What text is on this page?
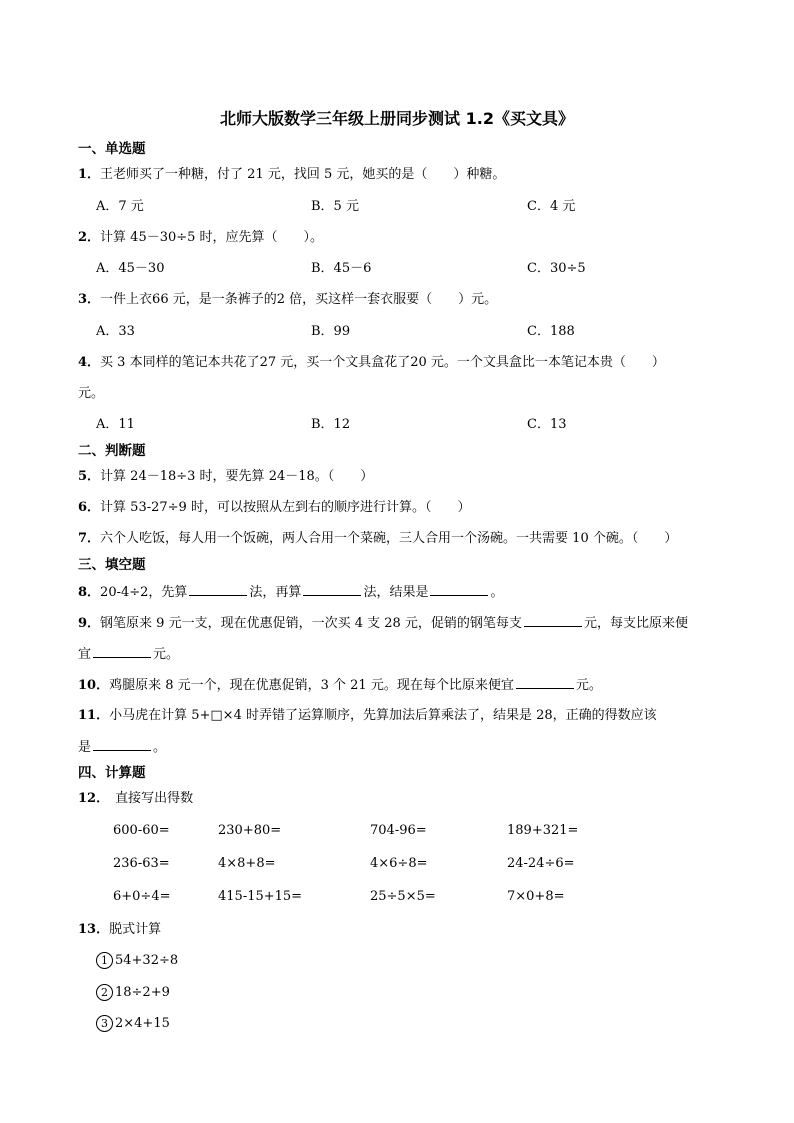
北师大版数学三年级上册同步测试 1.2《买文具》
一、单选题
1．王老师买了一种糖，付了 21 元，找回 5 元，她买的是（　　）种糖。
A．7 元	B．5 元	C．4 元
2．计算 45－30÷5 时，应先算（　　）。
A．45－30	B．45－6	C．30÷5
3．一件上衣66 元，是一条裤子的2 倍，买这样一套衣服要（　　）元。
A．33	B．99	C．188
4．买 3 本同样的笔记本共花了27 元，买一个文具盒花了20 元。一个文具盒比一本笔记本贵（　　）
元。
A．11	B．12	C．13
二、判断题
5．计算 24－18÷3 时，要先算 24－18。（　　）
6．计算 53-27÷9 时，可以按照从左到右的顺序进行计算。（　　）
7．六个人吃饭，每人用一个饭碗，两人合用一个菜碗，三人合用一个汤碗。一共需要 10 个碗。（　　）
三、填空题
8．20-4÷2，先算	法，再算	法，结果是	。
9．钢笔原来 9 元一支，现在优惠促销，一次买 4 支 28 元，促销的钢笔每支	元，每支比原来便
宜	元。
10．鸡腿原来 8 元一个，现在优惠促销，3 个 21 元。现在每个比原来便宜	元。
11．小马虎在计算 5+□×4 时弄错了运算顺序，先算加法后算乘法了，结果是 28，正确的得数应该
是	。
四、计算题
12． 直接写出得数
600-60=	230+80=	704-96=	189+321=
236-63=	4×8+8=	4×6÷8=	24-24÷6=
6+0÷4=	415-15+15=	25÷5×5=	7×0+8=
13．脱式计算
1 54+32÷8
2 18÷2+9
3 2×4+15
